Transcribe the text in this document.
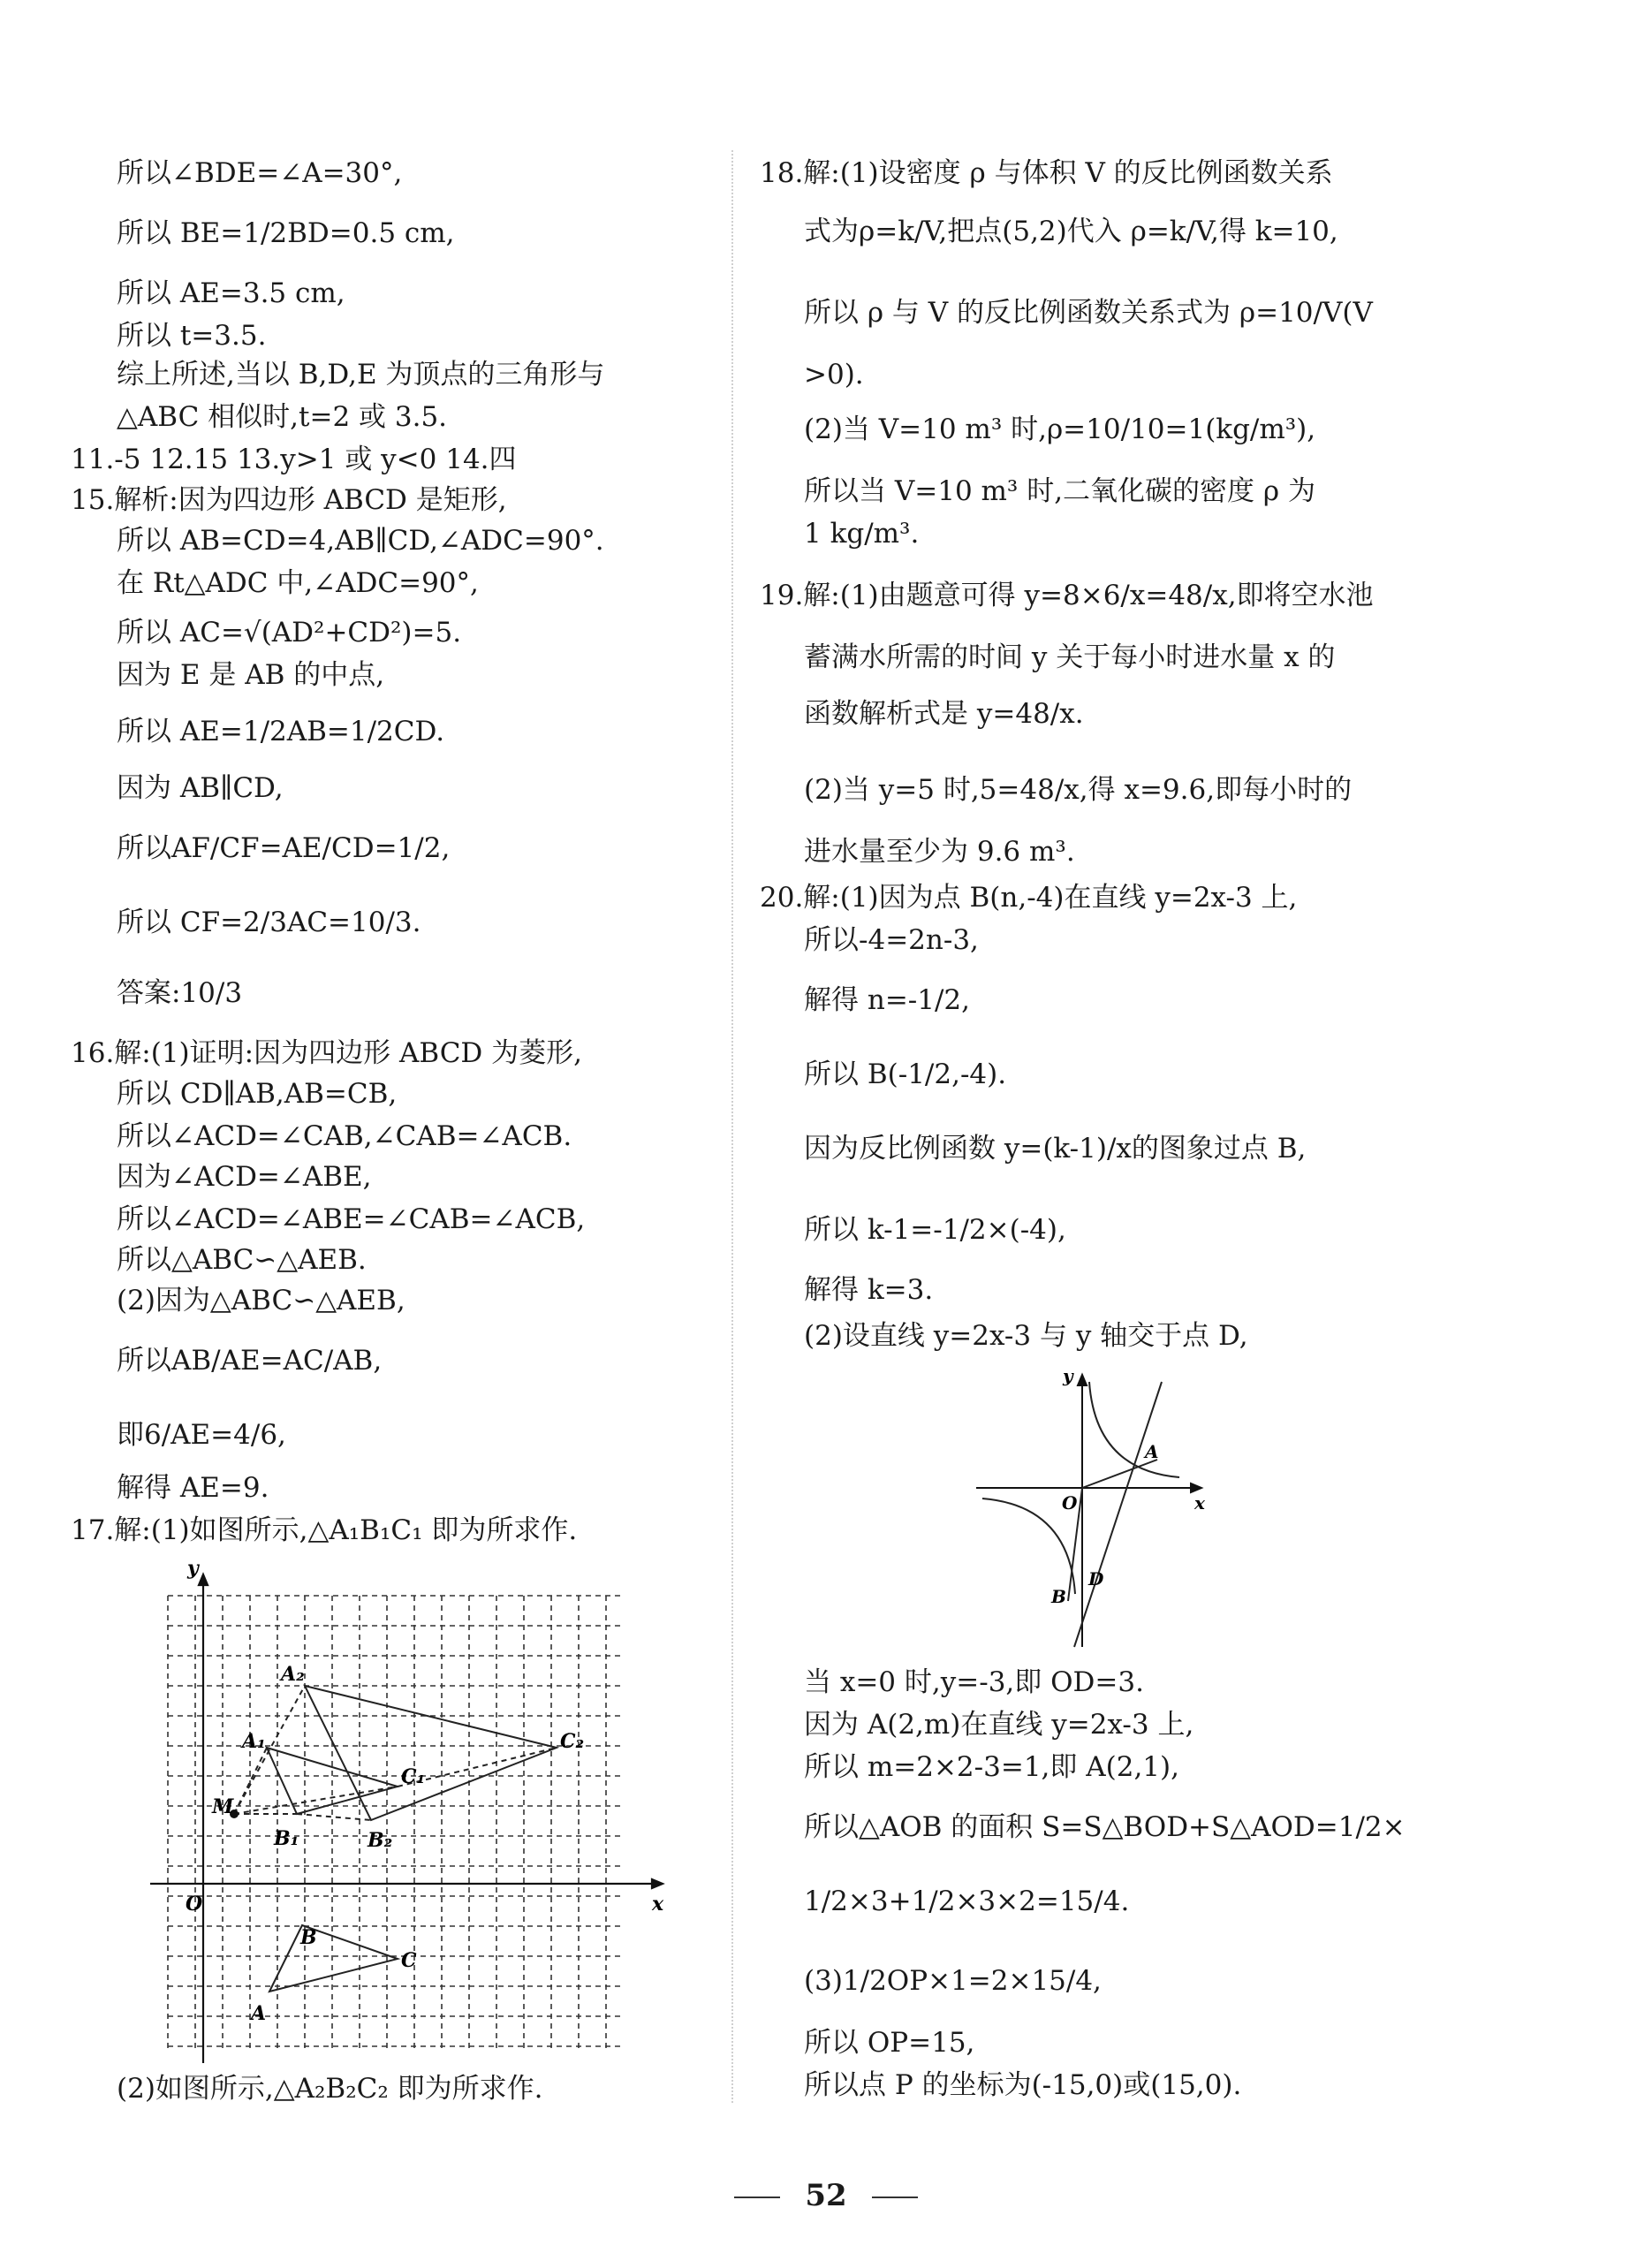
所以∠BDE=∠A=30°,
所以 BE=1/2BD=0.5 cm,
所以 AE=3.5 cm,
所以 t=3.5.
综上所述,当以 B,D,E 为顶点的三角形与
△ABC 相似时,t=2 或 3.5.
11.-5 12.15 13.y>1 或 y<0 14.四
15.解析:因为四边形 ABCD 是矩形,
所以 AB=CD=4,AB∥CD,∠ADC=90°.
在 Rt△ADC 中,∠ADC=90°,
所以 AC=√(AD²+CD²)=5.
因为 E 是 AB 的中点,
所以 AE=1/2AB=1/2CD.
因为 AB∥CD,
所以AF/CF=AE/CD=1/2,
所以 CF=2/3AC=10/3.
答案:10/3
16.解:(1)证明:因为四边形 ABCD 为菱形,
所以 CD∥AB,AB=CB,
所以∠ACD=∠CAB,∠CAB=∠ACB.
因为∠ACD=∠ABE,
所以∠ACD=∠ABE=∠CAB=∠ACB,
所以△ABC∽△AEB.
(2)因为△ABC∽△AEB,
所以AB/AE=AC/AB,
即6/AE=4/6,
解得 AE=9.
17.解:(1)如图所示,△A₁B₁C₁ 即为所求作.
y
x
O
A₂
A₁	C₂
C₁
M
B₁	B₂
B
C
A
(2)如图所示,△A₂B₂C₂ 即为所求作.
18.解:(1)设密度 ρ 与体积 V 的反比例函数关系
式为ρ=k/V,把点(5,2)代入 ρ=k/V,得 k=10,
所以 ρ 与 V 的反比例函数关系式为 ρ=10/V(V
>0).
(2)当 V=10 m³ 时,ρ=10/10=1(kg/m³),
所以当 V=10 m³ 时,二氧化碳的密度 ρ 为
1 kg/m³.
19.解:(1)由题意可得 y=8×6/x=48/x,即将空水池
蓄满水所需的时间 y 关于每小时进水量 x 的
函数解析式是 y=48/x.
(2)当 y=5 时,5=48/x,得 x=9.6,即每小时的
进水量至少为 9.6 m³.
20.解:(1)因为点 B(n,-4)在直线 y=2x-3 上,
所以-4=2n-3,
解得 n=-1/2,
所以 B(-1/2,-4).
因为反比例函数 y=(k-1)/x的图象过点 B,
所以 k-1=-1/2×(-4),
解得 k=3.
(2)设直线 y=2x-3 与 y 轴交于点 D,
y
x
O
A
D
B
当 x=0 时,y=-3,即 OD=3.
因为 A(2,m)在直线 y=2x-3 上,
所以 m=2×2-3=1,即 A(2,1),
所以△AOB 的面积 S=S△BOD+S△AOD=1/2×
1/2×3+1/2×3×2=15/4.
(3)1/2OP×1=2×15/4,
所以 OP=15,
所以点 P 的坐标为(-15,0)或(15,0).
52
